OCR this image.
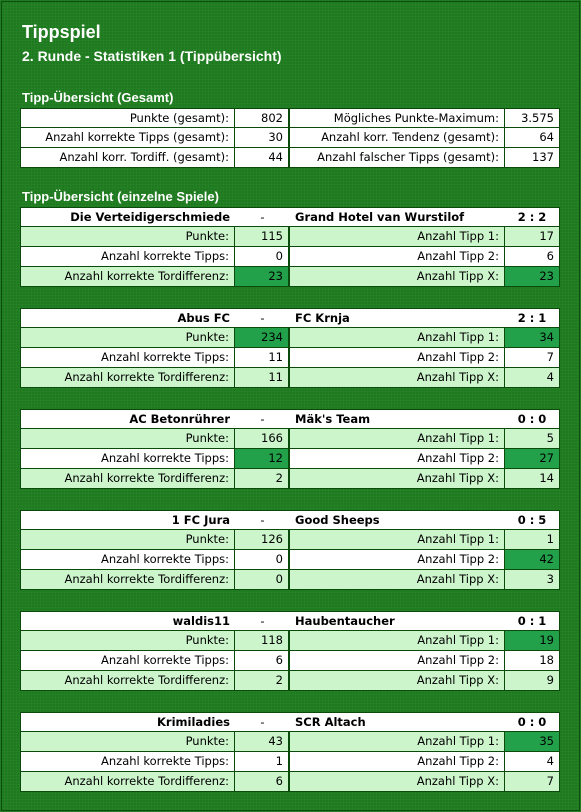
Tippspiel
2. Runde - Statistiken 1 (Tippübersicht)
Tipp-Übersicht (Gesamt)
Punkte (gesamt):	802	Mögliches Punkte-Maximum:	3.575
Anzahl korrekte Tipps (gesamt):	30	Anzahl korr. Tendenz (gesamt):	64
Anzahl korr. Tordiff. (gesamt):	44	Anzahl falscher Tipps (gesamt):	137
Tipp-Übersicht (einzelne Spiele)
Die Verteidigerschmiede	-	Grand Hotel van Wurstilof	2 : 2
Punkte:	115	Anzahl Tipp 1:	17
Anzahl korrekte Tipps:	0	Anzahl Tipp 2:	6
Anzahl korrekte Tordifferenz:	23	Anzahl Tipp X:	23
Abus FC	-	FC Krnja	2 : 1
Punkte:	234	Anzahl Tipp 1:	34
Anzahl korrekte Tipps:	11	Anzahl Tipp 2:	7
Anzahl korrekte Tordifferenz:	11	Anzahl Tipp X:	4
AC Betonrührer	-	Mäk's Team	0 : 0
Punkte:	166	Anzahl Tipp 1:	5
Anzahl korrekte Tipps:	12	Anzahl Tipp 2:	27
Anzahl korrekte Tordifferenz:	2	Anzahl Tipp X:	14
1 FC Jura	-	Good Sheeps	0 : 5
Punkte:	126	Anzahl Tipp 1:	1
Anzahl korrekte Tipps:	0	Anzahl Tipp 2:	42
Anzahl korrekte Tordifferenz:	0	Anzahl Tipp X:	3
waldis11	-	Haubentaucher	0 : 1
Punkte:	118	Anzahl Tipp 1:	19
Anzahl korrekte Tipps:	6	Anzahl Tipp 2:	18
Anzahl korrekte Tordifferenz:	2	Anzahl Tipp X:	9
Krimiladies	-	SCR Altach	0 : 0
Punkte:	43	Anzahl Tipp 1:	35
Anzahl korrekte Tipps:	1	Anzahl Tipp 2:	4
Anzahl korrekte Tordifferenz:	6	Anzahl Tipp X:	7
